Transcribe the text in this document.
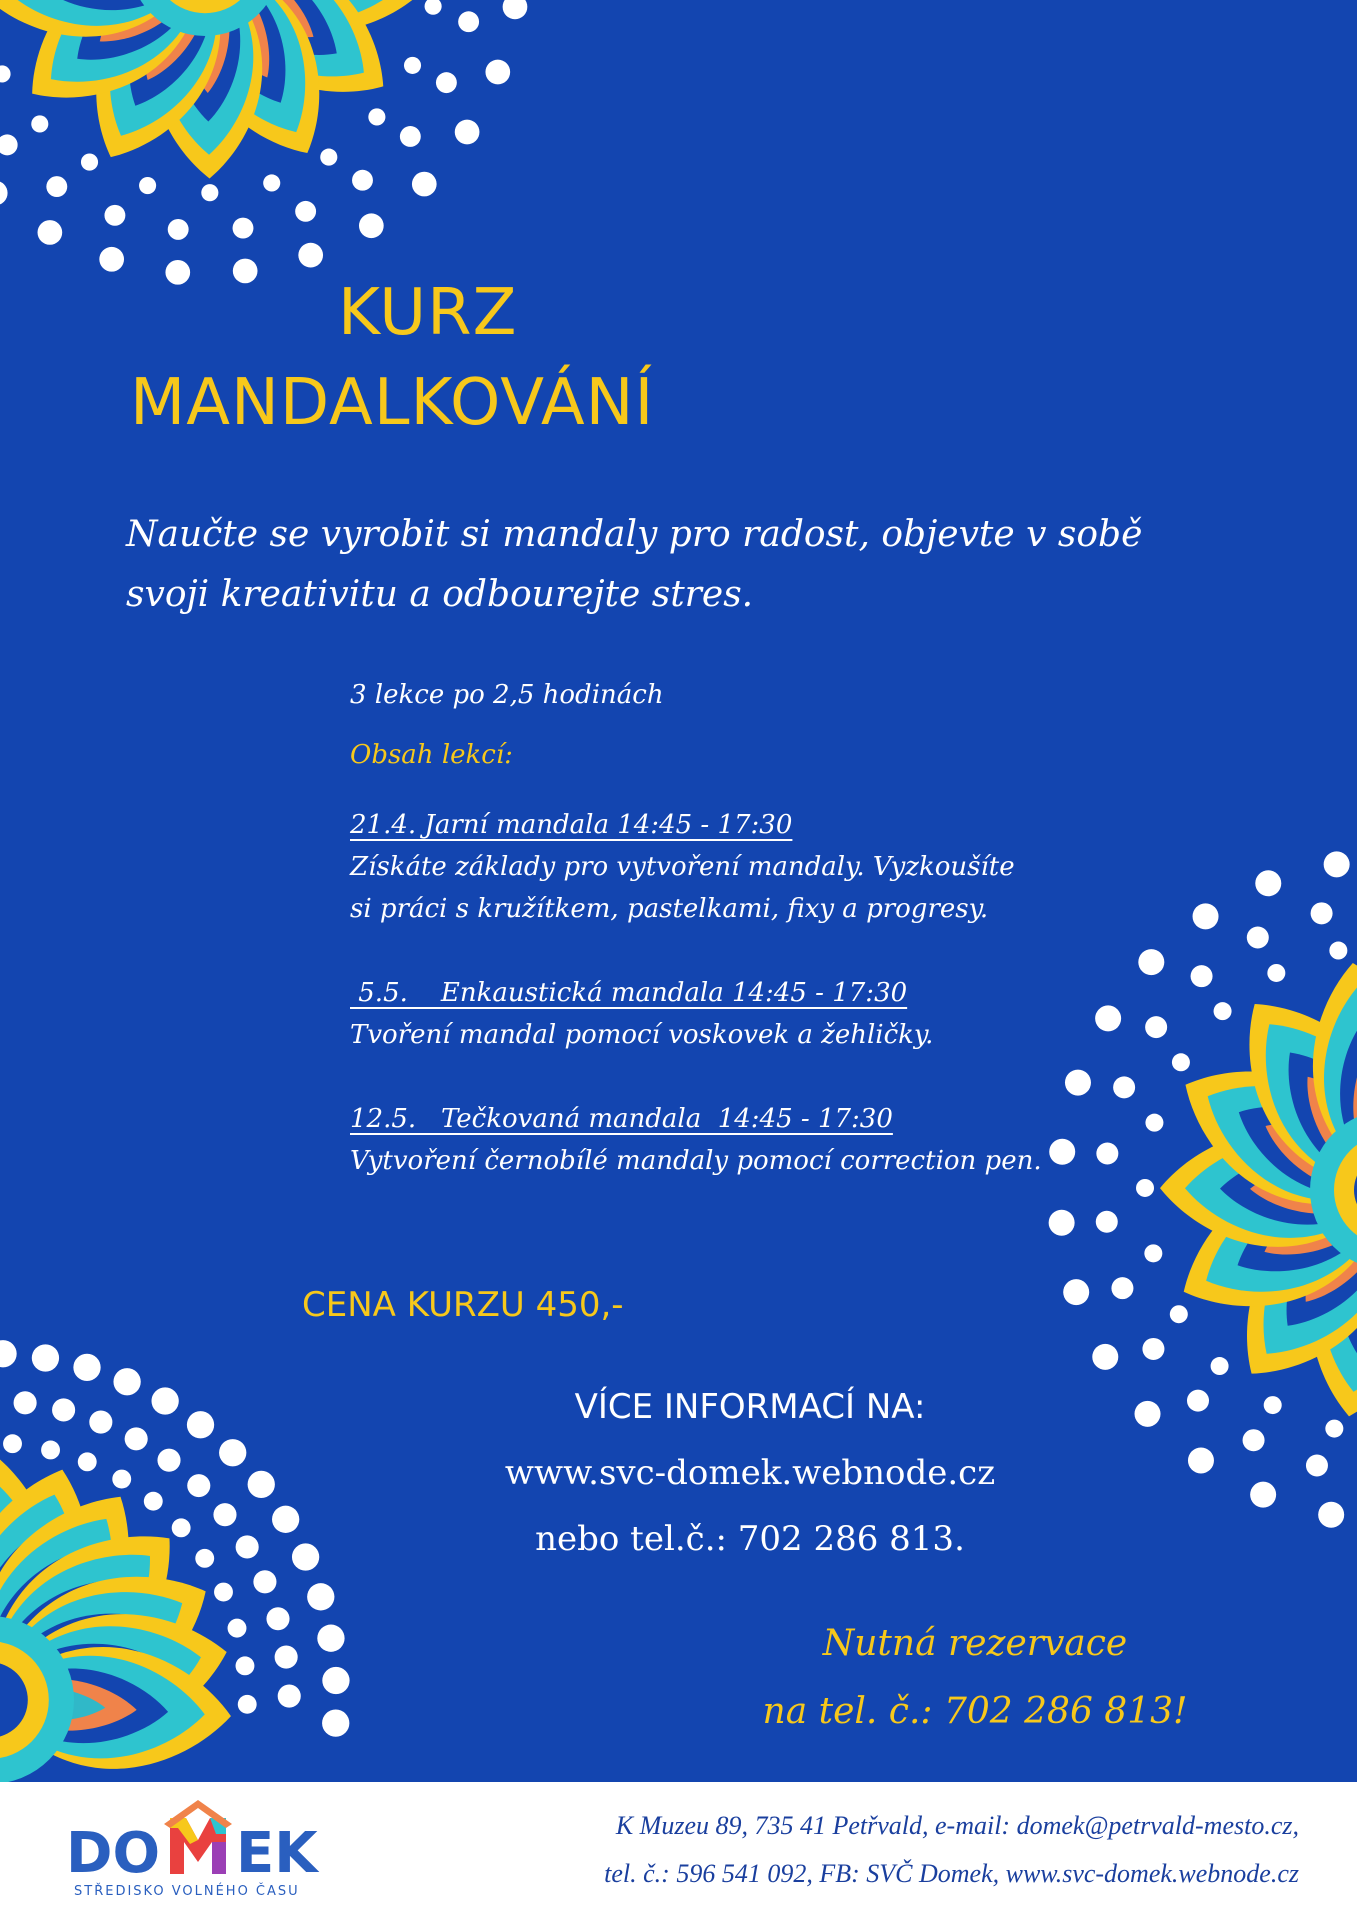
KURZ
MANDALKOVÁNÍ

Naučte se vyrobit si mandaly pro radost, objevte v sobě
svoji kreativitu a odbourejte stres.

3 lekce po 2,5 hodinách

Obsah lekcí:

21.4. Jarní mandala 14:45 - 17:30

Získáte základy pro vytvoření mandaly. Vyzkoušíte

si práci s kružítkem, pastelkami, fixy a progresy.

5.5.    Enkaustická mandala 14:45 - 17:30

Tvoření mandal pomocí voskovek a žehličky.

12.5.   Tečkovaná mandala  14:45 - 17:30

Vytvoření černobílé mandaly pomocí correction pen.

CENA KURZU 450,-
VÍCE INFORMACÍ NA:
www.svc-domek.webnode.cz
nebo tel.č.: 702 286 813.
Nutná rezervace
na tel. č.: 702 286 813!
DO EK
STŘEDISKO VOLNÉHO ČASU
K Muzeu 89, 735 41 Petřvald, e-mail: domek@petrvald-mesto.cz,
tel. č.: 596 541 092, FB: SVČ Domek, www.svc-domek.webnode.cz
